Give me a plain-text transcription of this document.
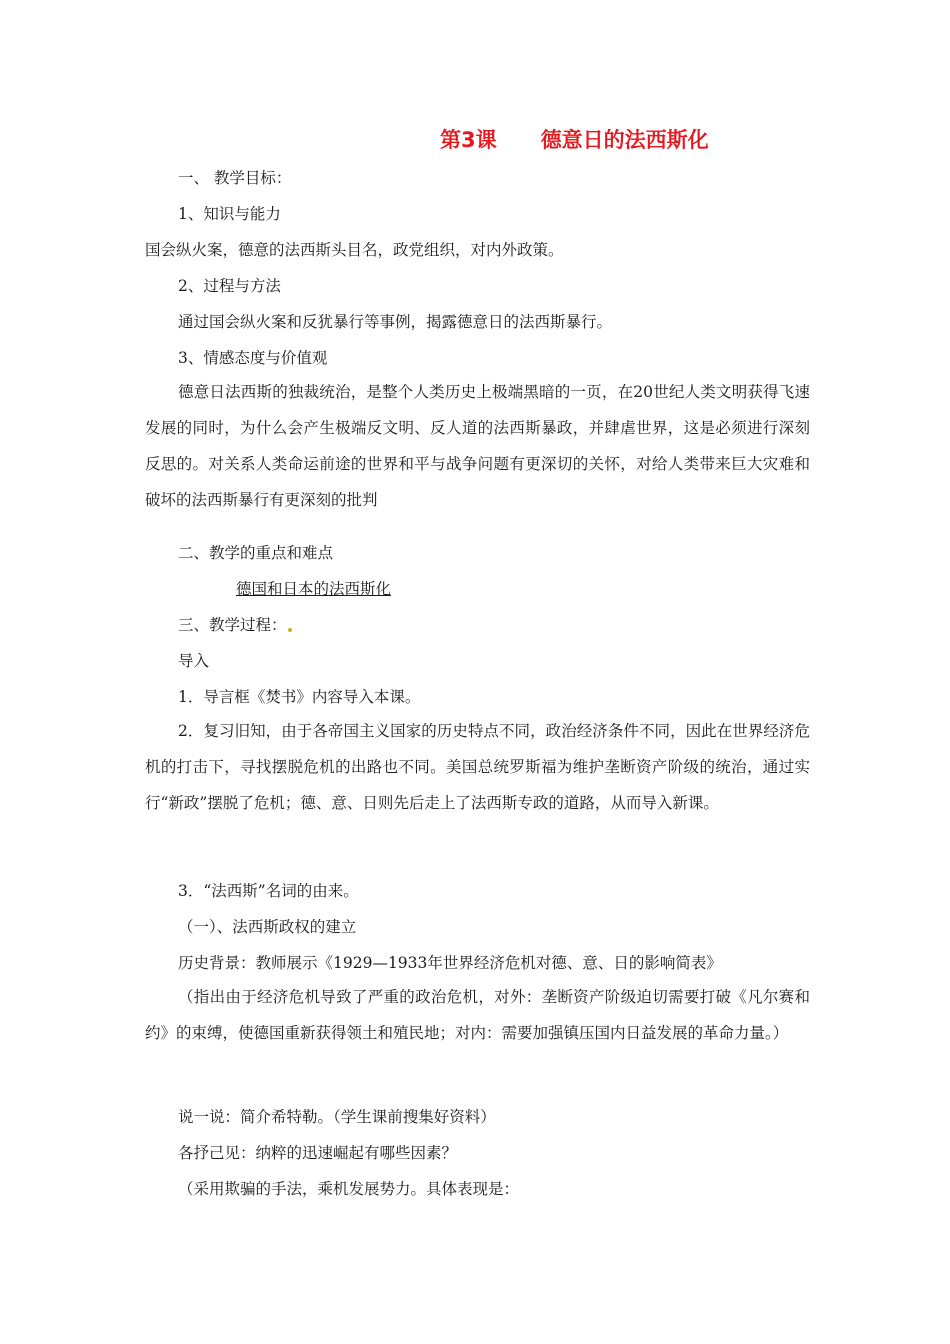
第3课 德意日的法西斯化
一、 教学目标：
1、知识与能力
国会纵火案，德意的法西斯头目名，政党组织，对内外政策。
2、过程与方法
通过国会纵火案和反犹暴行等事例，揭露德意日的法西斯暴行。
3、情感态度与价值观
德意日法西斯的独裁统治，是整个人类历史上极端黑暗的一页，在20世纪人类文明获得飞速发展的同时，为什么会产生极端反文明、反人道的法西斯暴政，并肆虐世界，这是必须进行深刻反思的。对关系人类命运前途的世界和平与战争问题有更深切的关怀，对给人类带来巨大灾难和破坏的法西斯暴行有更深刻的批判
二、教学的重点和难点
德国和日本的法西斯化
三、教学过程：
导入
1．导言框《焚书》内容导入本课。
2．复习旧知，由于各帝国主义国家的历史特点不同，政治经济条件不同，因此在世界经济危机的打击下，寻找摆脱危机的出路也不同。美国总统罗斯福为维护垄断资产阶级的统治，通过实行“新政”摆脱了危机；德、意、日则先后走上了法西斯专政的道路，从而导入新课。
3．“法西斯”名词的由来。
（一）、法西斯政权的建立
历史背景：教师展示《1929—1933年世界经济危机对德、意、日的影响简表》
（指出由于经济危机导致了严重的政治危机，对外：垄断资产阶级迫切需要打破《凡尔赛和约》的束缚，使德国重新获得领土和殖民地；对内：需要加强镇压国内日益发展的革命力量。）
说一说：简介希特勒。（学生课前搜集好资料）
各抒己见：纳粹的迅速崛起有哪些因素？
（采用欺骗的手法，乘机发展势力。具体表现是：
